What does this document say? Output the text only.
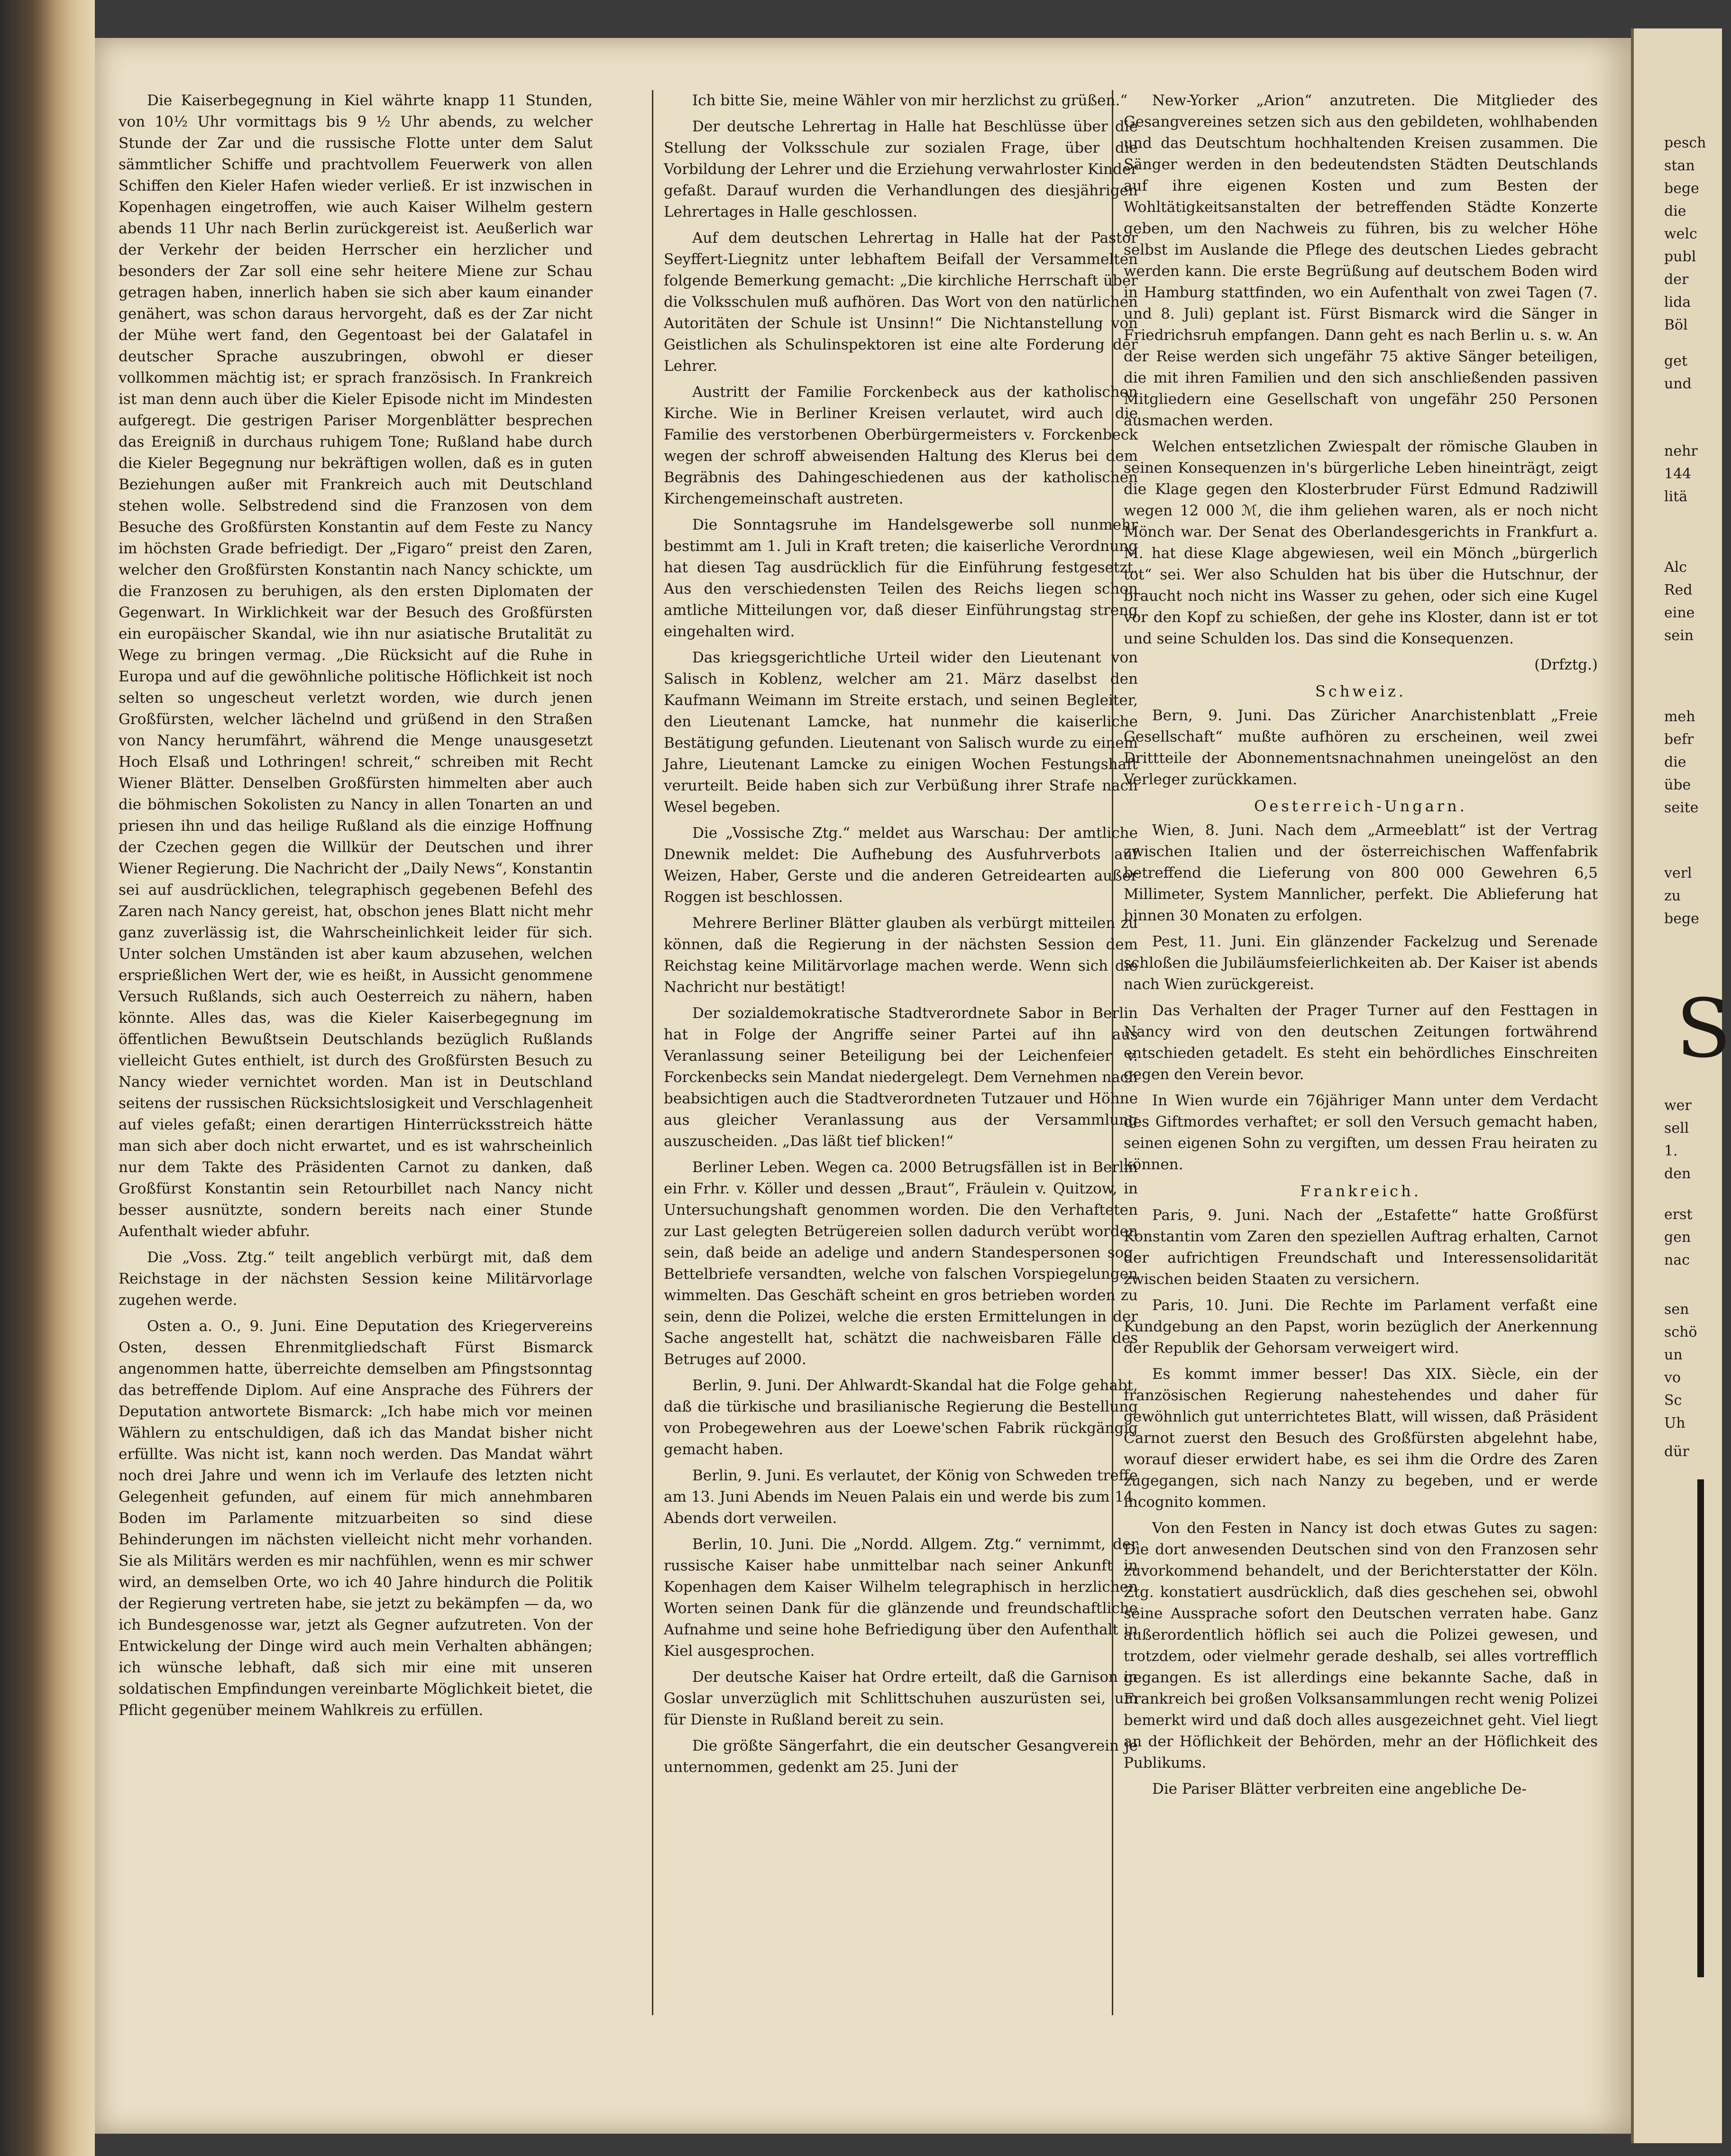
Die Kaiserbegegnung in Kiel währte knapp 11 Stunden, von 10½ Uhr vormittags bis 9 ½ Uhr abends, zu welcher Stunde der Zar und die russische Flotte unter dem Salut sämmtlicher Schiffe und prachtvollem Feuerwerk von allen Schiffen den Kieler Hafen wieder verließ. Er ist inzwischen in Kopenhagen eingetroffen, wie auch Kaiser Wilhelm gestern abends 11 Uhr nach Berlin zurückgereist ist. Aeußerlich war der Verkehr der beiden Herrscher ein herzlicher und besonders der Zar soll eine sehr heitere Miene zur Schau getragen haben, innerlich haben sie sich aber kaum einander genähert, was schon daraus hervorgeht, daß es der Zar nicht der Mühe wert fand, den Gegentoast bei der Galatafel in deutscher Sprache auszubringen, obwohl er dieser vollkommen mächtig ist; er sprach französisch. In Frankreich ist man denn auch über die Kieler Episode nicht im Mindesten aufgeregt. Die gestrigen Pariser Morgenblätter besprechen das Ereigniß in durchaus ruhigem Tone; Rußland habe durch die Kieler Begegnung nur bekräftigen wollen, daß es in guten Beziehungen außer mit Frankreich auch mit Deutschland stehen wolle. Selbstredend sind die Franzosen von dem Besuche des Großfürsten Konstantin auf dem Feste zu Nancy im höchsten Grade befriedigt. Der „Figaro“ preist den Zaren, welcher den Großfürsten Konstantin nach Nancy schickte, um die Franzosen zu beruhigen, als den ersten Diplomaten der Gegenwart. In Wirklichkeit war der Besuch des Großfürsten ein europäischer Skandal, wie ihn nur asiatische Brutalität zu Wege zu bringen vermag. „Die Rücksicht auf die Ruhe in Europa und auf die gewöhnliche politische Höflichkeit ist noch selten so ungescheut verletzt worden, wie durch jenen Großfürsten, welcher lächelnd und grüßend in den Straßen von Nancy herumfährt, während die Menge unausgesetzt Hoch Elsaß und Lothringen! schreit,“ schreiben mit Recht Wiener Blätter. Denselben Großfürsten himmelten aber auch die böhmischen Sokolisten zu Nancy in allen Tonarten an und priesen ihn und das heilige Rußland als die einzige Hoffnung der Czechen gegen die Willkür der Deutschen und ihrer Wiener Regierung. Die Nachricht der „Daily News“, Konstantin sei auf ausdrücklichen, telegraphisch gegebenen Befehl des Zaren nach Nancy gereist, hat, obschon jenes Blatt nicht mehr ganz zuverlässig ist, die Wahrscheinlichkeit leider für sich. Unter solchen Umständen ist aber kaum abzusehen, welchen ersprießlichen Wert der, wie es heißt, in Aussicht genommene Versuch Rußlands, sich auch Oesterreich zu nähern, haben könnte. Alles das, was die Kieler Kaiserbegegnung im öffentlichen Bewußtsein Deutschlands bezüglich Rußlands vielleicht Gutes enthielt, ist durch des Großfürsten Besuch zu Nancy wieder vernichtet worden. Man ist in Deutschland seitens der russischen Rücksichtslosigkeit und Verschlagenheit auf vieles gefaßt; einen derartigen Hinterrücksstreich hätte man sich aber doch nicht erwartet, und es ist wahrscheinlich nur dem Takte des Präsidenten Carnot zu danken, daß Großfürst Konstantin sein Retourbillet nach Nancy nicht besser ausnützte, sondern bereits nach einer Stunde Aufenthalt wieder abfuhr.

Die „Voss. Ztg.“ teilt angeblich verbürgt mit, daß dem Reichstage in der nächsten Session keine Militärvorlage zugehen werde.

Osten a. O., 9. Juni. Eine Deputation des Kriegervereins Osten, dessen Ehrenmitgliedschaft Fürst Bismarck angenommen hatte, überreichte demselben am Pfingstsonntag das betreffende Diplom. Auf eine Ansprache des Führers der Deputation antwortete Bismarck: „Ich habe mich vor meinen Wählern zu entschuldigen, daß ich das Mandat bisher nicht erfüllte. Was nicht ist, kann noch werden. Das Mandat währt noch drei Jahre und wenn ich im Verlaufe des letzten nicht Gelegenheit gefunden, auf einem für mich annehmbaren Boden im Parlamente mitzuarbeiten so sind diese Behinderungen im nächsten vielleicht nicht mehr vorhanden. Sie als Militärs werden es mir nachfühlen, wenn es mir schwer wird, an demselben Orte, wo ich 40 Jahre hindurch die Politik der Regierung vertreten habe, sie jetzt zu bekämpfen — da, wo ich Bundesgenosse war, jetzt als Gegner aufzutreten. Von der Entwickelung der Dinge wird auch mein Verhalten abhängen; ich wünsche lebhaft, daß sich mir eine mit unseren soldatischen Empfindungen vereinbarte Möglichkeit bietet, die Pflicht gegenüber meinem Wahlkreis zu erfüllen.

Ich bitte Sie, meine Wähler von mir herzlichst zu grüßen.“

Der deutsche Lehrertag in Halle hat Beschlüsse über die Stellung der Volksschule zur sozialen Frage, über die Vorbildung der Lehrer und die Erziehung verwahrloster Kinder gefaßt. Darauf wurden die Verhandlungen des diesjährigen Lehrertages in Halle geschlossen.

Auf dem deutschen Lehrertag in Halle hat der Pastor Seyffert-Liegnitz unter lebhaftem Beifall der Versammelten folgende Bemerkung gemacht: „Die kirchliche Herrschaft über die Volksschulen muß aufhören. Das Wort von den natürlichen Autoritäten der Schule ist Unsinn!“ Die Nichtanstellung von Geistlichen als Schulinspektoren ist eine alte Forderung der Lehrer.

Austritt der Familie Forckenbeck aus der katholischen Kirche. Wie in Berliner Kreisen verlautet, wird auch die Familie des verstorbenen Oberbürgermeisters v. Forckenbeck wegen der schroff abweisenden Haltung des Klerus bei dem Begräbnis des Dahingeschiedenen aus der katholischen Kirchengemeinschaft austreten.

Die Sonntagsruhe im Handelsgewerbe soll nunmehr bestimmt am 1. Juli in Kraft treten; die kaiserliche Verordnung hat diesen Tag ausdrücklich für die Einführung festgesetzt. Aus den verschiedensten Teilen des Reichs liegen schon amtliche Mitteilungen vor, daß dieser Einführungstag streng eingehalten wird.

Das kriegsgerichtliche Urteil wider den Lieutenant von Salisch in Koblenz, welcher am 21. März daselbst den Kaufmann Weimann im Streite erstach, und seinen Begleiter, den Lieutenant Lamcke, hat nunmehr die kaiserliche Bestätigung gefunden. Lieutenant von Salisch wurde zu einem Jahre, Lieutenant Lamcke zu einigen Wochen Festungshaft verurteilt. Beide haben sich zur Verbüßung ihrer Strafe nach Wesel begeben.

Die „Vossische Ztg.“ meldet aus Warschau: Der amtliche Dnewnik meldet: Die Aufhebung des Ausfuhrverbots auf Weizen, Haber, Gerste und die anderen Getreidearten außer Roggen ist beschlossen.

Mehrere Berliner Blätter glauben als verbürgt mitteilen zu können, daß die Regierung in der nächsten Session dem Reichstag keine Militärvorlage machen werde. Wenn sich die Nachricht nur bestätigt!

Der sozialdemokratische Stadtverordnete Sabor in Berlin hat in Folge der Angriffe seiner Partei auf ihn aus Veranlassung seiner Beteiligung bei der Leichenfeier v. Forckenbecks sein Mandat niedergelegt. Dem Vernehmen nach beabsichtigen auch die Stadtverordneten Tutzauer und Höhne aus gleicher Veranlassung aus der Versammlung auszuscheiden. „Das läßt tief blicken!“

Berliner Leben. Wegen ca. 2000 Betrugsfällen ist in Berlin ein Frhr. v. Köller und dessen „Braut“, Fräulein v. Quitzow, in Untersuchungshaft genommen worden. Die den Verhafteten zur Last gelegten Betrügereien sollen dadurch verübt worden sein, daß beide an adelige und andern Standespersonen sog. Bettelbriefe versandten, welche von falschen Vorspiegelungen wimmelten. Das Geschäft scheint en gros betrieben worden zu sein, denn die Polizei, welche die ersten Ermittelungen in der Sache angestellt hat, schätzt die nachweisbaren Fälle des Betruges auf 2000.

Berlin, 9. Juni. Der Ahlwardt-Skandal hat die Folge gehabt, daß die türkische und brasilianische Regierung die Bestellung von Probegewehren aus der Loewe'schen Fabrik rückgängig gemacht haben.

Berlin, 9. Juni. Es verlautet, der König von Schweden treffe am 13. Juni Abends im Neuen Palais ein und werde bis zum 14. Abends dort verweilen.

Berlin, 10. Juni. Die „Nordd. Allgem. Ztg.“ vernimmt, der russische Kaiser habe unmittelbar nach seiner Ankunft in Kopenhagen dem Kaiser Wilhelm telegraphisch in herzlichen Worten seinen Dank für die glänzende und freundschaftliche Aufnahme und seine hohe Befriedigung über den Aufenthalt in Kiel ausgesprochen.

Der deutsche Kaiser hat Ordre erteilt, daß die Garnison in Goslar unverzüglich mit Schlittschuhen auszurüsten sei, um für Dienste in Rußland bereit zu sein.

Die größte Sängerfahrt, die ein deutscher Gesangverein je unternommen, gedenkt am 25. Juni der

New-Yorker „Arion“ anzutreten. Die Mitglieder des Gesangvereines setzen sich aus den gebildeten, wohlhabenden und das Deutschtum hochhaltenden Kreisen zusammen. Die Sänger werden in den bedeutendsten Städten Deutschlands auf ihre eigenen Kosten und zum Besten der Wohltätigkeitsanstalten der betreffenden Städte Konzerte geben, um den Nachweis zu führen, bis zu welcher Höhe selbst im Auslande die Pflege des deutschen Liedes gebracht werden kann. Die erste Begrüßung auf deutschem Boden wird in Hamburg stattfinden, wo ein Aufenthalt von zwei Tagen (7. und 8. Juli) geplant ist. Fürst Bismarck wird die Sänger in Friedrichsruh empfangen. Dann geht es nach Berlin u. s. w. An der Reise werden sich ungefähr 75 aktive Sänger beteiligen, die mit ihren Familien und den sich anschließenden passiven Mitgliedern eine Gesellschaft von ungefähr 250 Personen ausmachen werden.

Welchen entsetzlichen Zwiespalt der römische Glauben in seinen Konsequenzen in's bürgerliche Leben hineinträgt, zeigt die Klage gegen den Klosterbruder Fürst Edmund Radziwill wegen 12 000 ℳ, die ihm geliehen waren, als er noch nicht Mönch war. Der Senat des Oberlandesgerichts in Frankfurt a. M. hat diese Klage abgewiesen, weil ein Mönch „bürgerlich tot“ sei. Wer also Schulden hat bis über die Hutschnur, der braucht noch nicht ins Wasser zu gehen, oder sich eine Kugel vor den Kopf zu schießen, der gehe ins Kloster, dann ist er tot und seine Schulden los. Das sind die Konsequenzen.

(Drfztg.)
Schweiz.

Bern, 9. Juni. Das Züricher Anarchistenblatt „Freie Gesellschaft“ mußte aufhören zu erscheinen, weil zwei Drittteile der Abonnementsnachnahmen uneingelöst an den Verleger zurückkamen.

Oesterreich-Ungarn.

Wien, 8. Juni. Nach dem „Armeeblatt“ ist der Vertrag zwischen Italien und der österreichischen Waffenfabrik betreffend die Lieferung von 800 000 Gewehren 6,5 Millimeter, System Mannlicher, perfekt. Die Ablieferung hat binnen 30 Monaten zu erfolgen.

Pest, 11. Juni. Ein glänzender Fackelzug und Serenade schloßen die Jubiläumsfeierlichkeiten ab. Der Kaiser ist abends nach Wien zurückgereist.

Das Verhalten der Prager Turner auf den Festtagen in Nancy wird von den deutschen Zeitungen fortwährend entschieden getadelt. Es steht ein behördliches Einschreiten gegen den Verein bevor.

In Wien wurde ein 76jähriger Mann unter dem Verdacht des Giftmordes verhaftet; er soll den Versuch gemacht haben, seinen eigenen Sohn zu vergiften, um dessen Frau heiraten zu können.

Frankreich.

Paris, 9. Juni. Nach der „Estafette“ hatte Großfürst Konstantin vom Zaren den speziellen Auftrag erhalten, Carnot der aufrichtigen Freundschaft und Interessensolidarität zwischen beiden Staaten zu versichern.

Paris, 10. Juni. Die Rechte im Parlament verfaßt eine Kundgebung an den Papst, worin bezüglich der Anerkennung der Republik der Gehorsam verweigert wird.

Es kommt immer besser! Das XIX. Siècle, ein der französischen Regierung nahestehendes und daher für gewöhnlich gut unterrichtetes Blatt, will wissen, daß Präsident Carnot zuerst den Besuch des Großfürsten abgelehnt habe, worauf dieser erwidert habe, es sei ihm die Ordre des Zaren zugegangen, sich nach Nanzy zu begeben, und er werde incognito kommen.

Von den Festen in Nancy ist doch etwas Gutes zu sagen: Die dort anwesenden Deutschen sind von den Franzosen sehr zuvorkommend behandelt, und der Berichterstatter der Köln. Ztg. konstatiert ausdrücklich, daß dies geschehen sei, obwohl seine Aussprache sofort den Deutschen verraten habe. Ganz außerordentlich höflich sei auch die Polizei gewesen, und trotzdem, oder vielmehr gerade deshalb, sei alles vortrefflich gegangen. Es ist allerdings eine bekannte Sache, daß in Frankreich bei großen Volksansammlungen recht wenig Polizei bemerkt wird und daß doch alles ausgezeichnet geht. Viel liegt an der Höflichkeit der Behörden, mehr an der Höflichkeit des Publikums.

Die Pariser Blätter verbreiten eine angebliche De-

pesch
stan
bege
die
welc
publ
der
lida
Böl
get
und
nehr
144
litä
Alc
Red
eine
sein
meh
befr
die
übe
seite
verl
zu
bege
S
wer
sell
1.
den
erst
gen
nac
sen
schö
un
vo
Sc
Uh
dür
